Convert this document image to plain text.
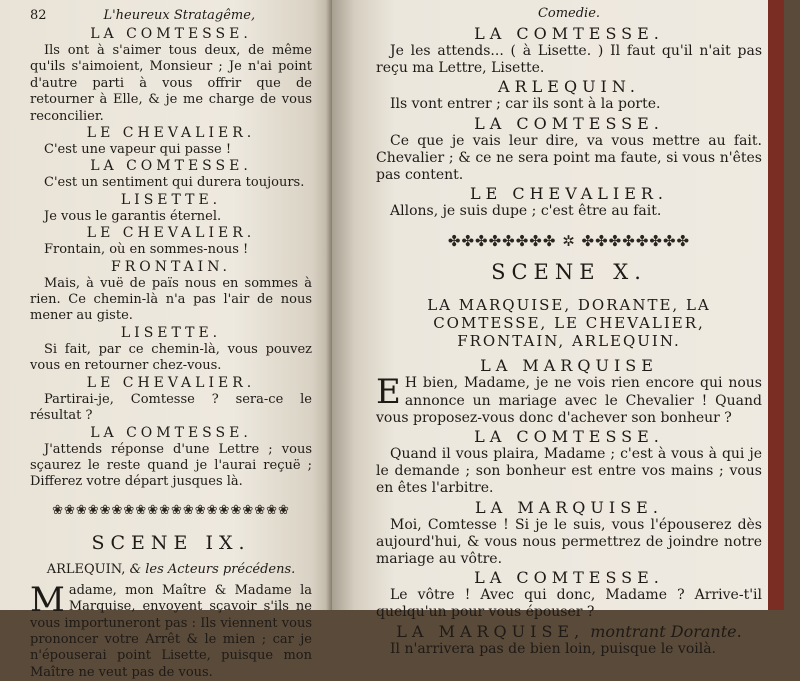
82	L'heureux Stratagême,
LA COMTESSE.

Ils ont à s'aimer tous deux, de même qu'ils s'aimoient, Monsieur ; Je n'ai point d'autre parti à vous offrir que de retourner à Elle, & je me charge de vous reconcilier.

LE CHEVALIER.

C'est une vapeur qui passe !

LA COMTESSE.

C'est un sentiment qui durera toujours.

LISETTE.

Je vous le garantis éternel.

LE CHEVALIER.

Frontain, où en sommes-nous !

FRONTAIN.

Mais, à vuë de païs nous en sommes à rien. Ce chemin-là n'a pas l'air de nous mener au giste.

LISETTE.

Si fait, par ce chemin-là, vous pouvez vous en retourner chez-vous.

LE CHEVALIER.

Partirai-je, Comtesse ? sera-ce le résultat ?

LA COMTESSE.

J'attends réponse d'une Lettre ; vous sçaurez le reste quand je l'aurai reçuë ; Differez votre départ jusques là.

❀❀❀❀❀❀❀❀❀❀❀❀❀❀❀❀❀❀❀❀
SCENE IX.
ARLEQUIN, & les Acteurs précédens.

Madame, mon Maître & Madame la Marquise, envoyent sçavoir s'ils ne vous importuneront pas : Ils viennent vous prononcer votre Arrêt & le mien ; car je n'épouserai point Lisette, puisque mon Maître ne veut pas de vous.

Comedie.
LA COMTESSE.

Je les attends... ( à Lisette. ) Il faut qu'il n'ait pas reçu ma Lettre, Lisette.

ARLEQUIN.

Ils vont entrer ; car ils sont à la porte.

LA COMTESSE.

Ce que je vais leur dire, va vous mettre au fait. Chevalier ; & ce ne sera point ma faute, si vous n'êtes pas content.

LE CHEVALIER.

Allons, je suis dupe ; c'est être au fait.

✤✤✤✤✤✤✤✤ ✲ ✤✤✤✤✤✤✤✤
SCENE X.
LA MARQUISE, DORANTE, LA COMTESSE, LE CHEVALIER, FRONTAIN, ARLEQUIN.
LA MARQUISE

E H bien, Madame, je ne vois rien encore qui nous annonce un mariage avec le Chevalier ! Quand vous proposez-vous donc d'achever son bonheur ?

LA COMTESSE.

Quand il vous plaira, Madame ; c'est à vous à qui je le demande ; son bonheur est entre vos mains ; vous en êtes l'arbitre.

LA MARQUISE.

Moi, Comtesse ! Si je le suis, vous l'épouserez dès aujourd'hui, & vous nous permettrez de joindre notre mariage au vôtre.

LA COMTESSE.

Le vôtre ! Avec qui donc, Madame ? Arrive-t'il quelqu'un pour vous épouser ?

LA MARQUISE, montrant Dorante.

Il n'arrivera pas de bien loin, puisque le voilà.
